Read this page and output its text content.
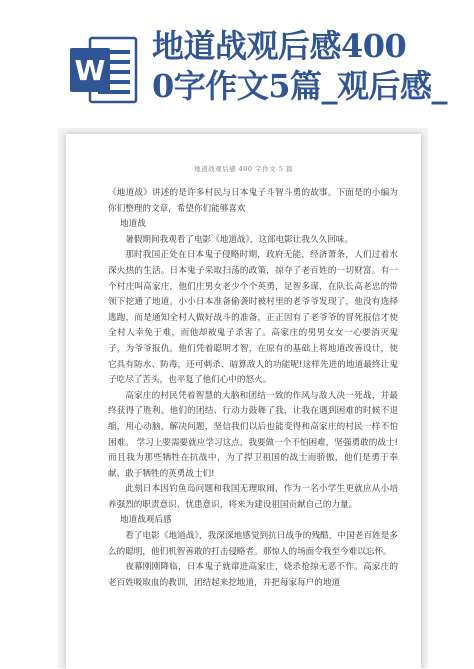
W
地道战观后感400
0字作文5篇_观后感_
地道战观后感 400 字作文 5 篇

《地道战》讲述的是许多村民与日本鬼子斗智斗勇的故事。下面是的小编为你们整理的文章，希望你们能够喜欢

地道战

暑假期间我观看了电影《地道战》，这部电影让我久久回味。

那时我国正处在日本鬼子侵略时期，政府无能，经济萧条，人们过着水深火热的生活。日本鬼子采取扫荡的政策，掠夺了老百姓的一切财富。有一个村庄叫高家庄，他们庄男女老少个个英勇，足智多谋，在队长高老忠的带领下挖通了地道。小小日本准备偷袭时被村里的老爷爷发现了，他没有选择逃跑，而是通知全村人做好战斗的准备，正正因有了老爷爷的冒死报信才使全村人幸免于难，而他却被鬼子杀害了。高家庄的男男女女一心要消灭鬼子，为爷爷报仇。他们凭着聪明才智，在原有的基础上将地道改善设计，使它具有防水、防毒，还可刺杀、暗算敌人的功能呢!这样先进的地道最终让鬼子吃尽了苦头，也平复了他们心中的怒火。

高家庄的村民凭着智慧的大脑和团结一致的作风与敌人决一死战，并最终获得了胜利。他们的团结、行动力鼓舞了我，让我在遇到困难的时候不退缩，用心动脑，解决问题，坚信我们以后也能变得和高家庄的村民一样不怕困难。 学习上要需要就应学习这点，我要做一个不怕困难，坚强勇敢的战士!而且我为那些牺牲在抗战中，为了捍卫祖国的战士而骄傲，他们是勇于奉献、敢于牺牲的英勇战士们!

此刻日本因钓鱼岛问题和我国无理取闹，作为一名小学生更就应从小培养强烈的职责意识、忧患意识，将来为建设祖国贡献自己的力量。

地道战观后感

看了电影《地道战》，我深深地感觉到抗日战争的残酷，中国老百姓是多么的聪明，他们机智善敢的打击侵略者。那惊人的场面令我至今难以忘怀。

夜幕刚刚降临，日本鬼子就窜进高家庄，烧杀抢掠无恶不作。高家庄的老百姓吸取血的教训，团结起来挖地道，并把每家每户的地道
